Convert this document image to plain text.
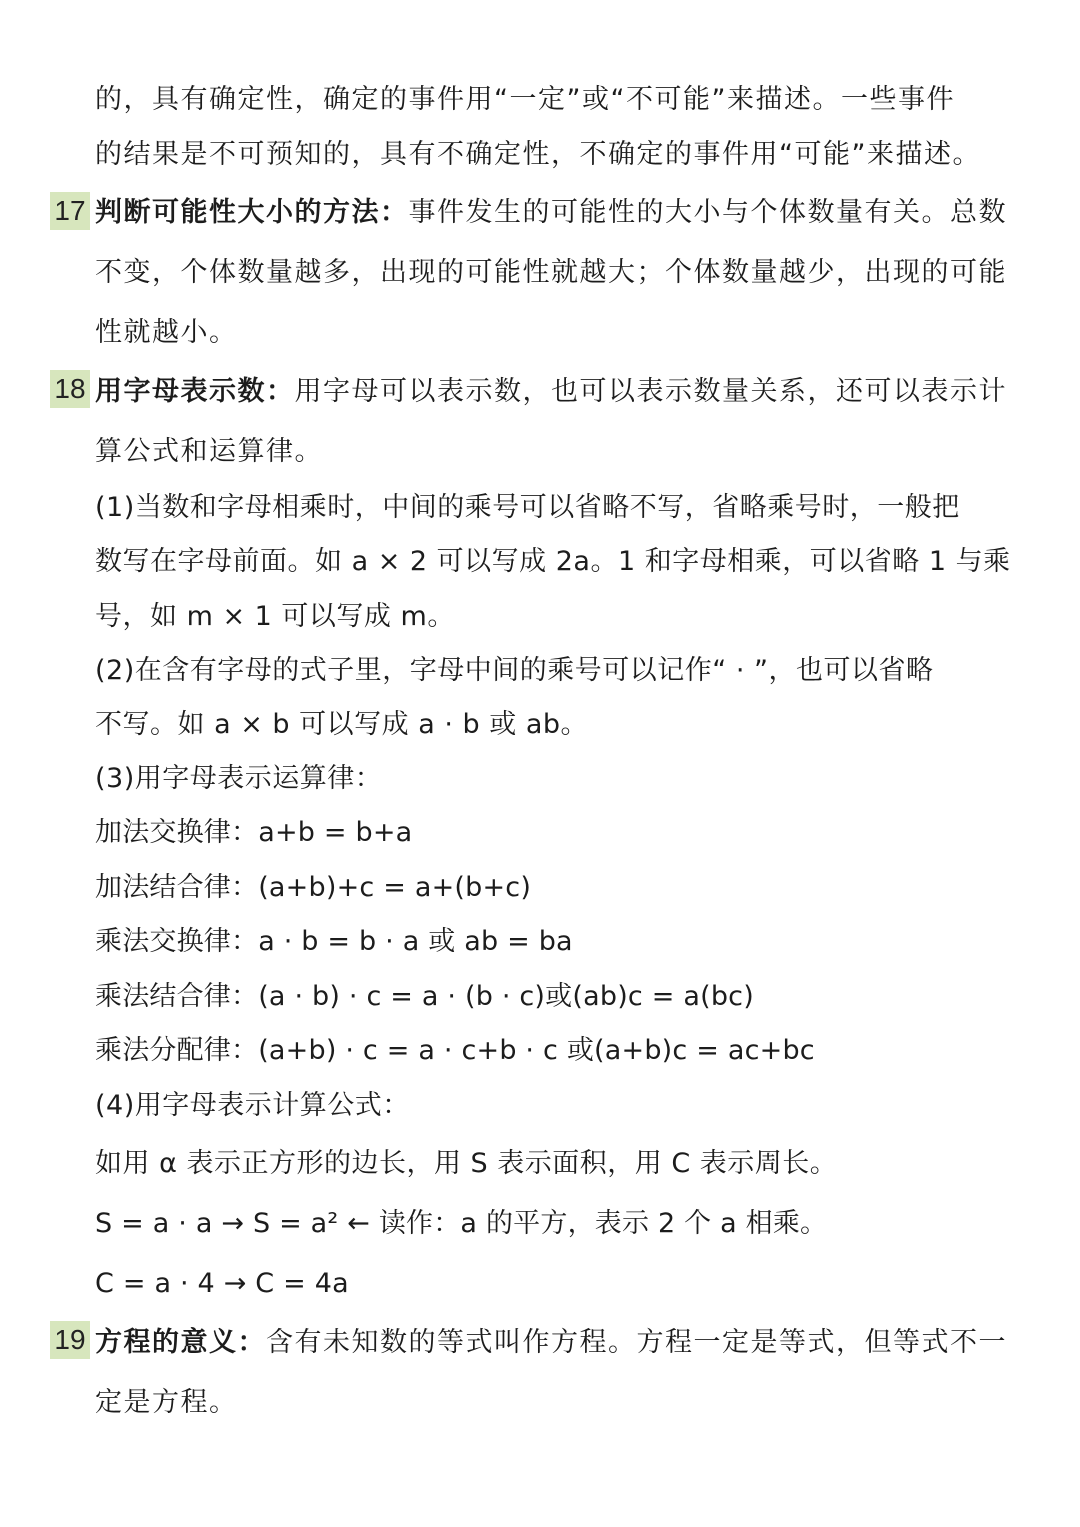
的，具有确定性，确定的事件用“一定”或“不可能”来描述。一些事件
的结果是不可预知的，具有不确定性，不确定的事件用“可能”来描述。
17 判断可能性大小的方法：事件发生的可能性的大小与个体数量有关。总数
不变，个体数量越多，出现的可能性就越大；个体数量越少，出现的可能
性就越小。
18 用字母表示数：用字母可以表示数，也可以表示数量关系，还可以表示计
算公式和运算律。
(1)当数和字母相乘时，中间的乘号可以省略不写，省略乘号时，一般把
数写在字母前面。如 a × 2 可以写成 2a。1 和字母相乘，可以省略 1 与乘
号，如 m × 1 可以写成 m。
(2)在含有字母的式子里，字母中间的乘号可以记作“ · ”，也可以省略
不写。如 a × b 可以写成 a · b 或 ab。
(3)用字母表示运算律：
加法交换律：a+b = b+a
加法结合律：(a+b)+c = a+(b+c)
乘法交换律：a · b = b · a 或 ab = ba
乘法结合律：(a · b) · c = a · (b · c)或(ab)c = a(bc)
乘法分配律：(a+b) · c = a · c+b · c 或(a+b)c = ac+bc
(4)用字母表示计算公式：
如用 α 表示正方形的边长，用 S 表示面积，用 C 表示周长。
S = a · a → S = a² ← 读作：a 的平方，表示 2 个 a 相乘。
C = a · 4 → C = 4a
19 方程的意义：含有未知数的等式叫作方程。方程一定是等式，但等式不一
定是方程。
